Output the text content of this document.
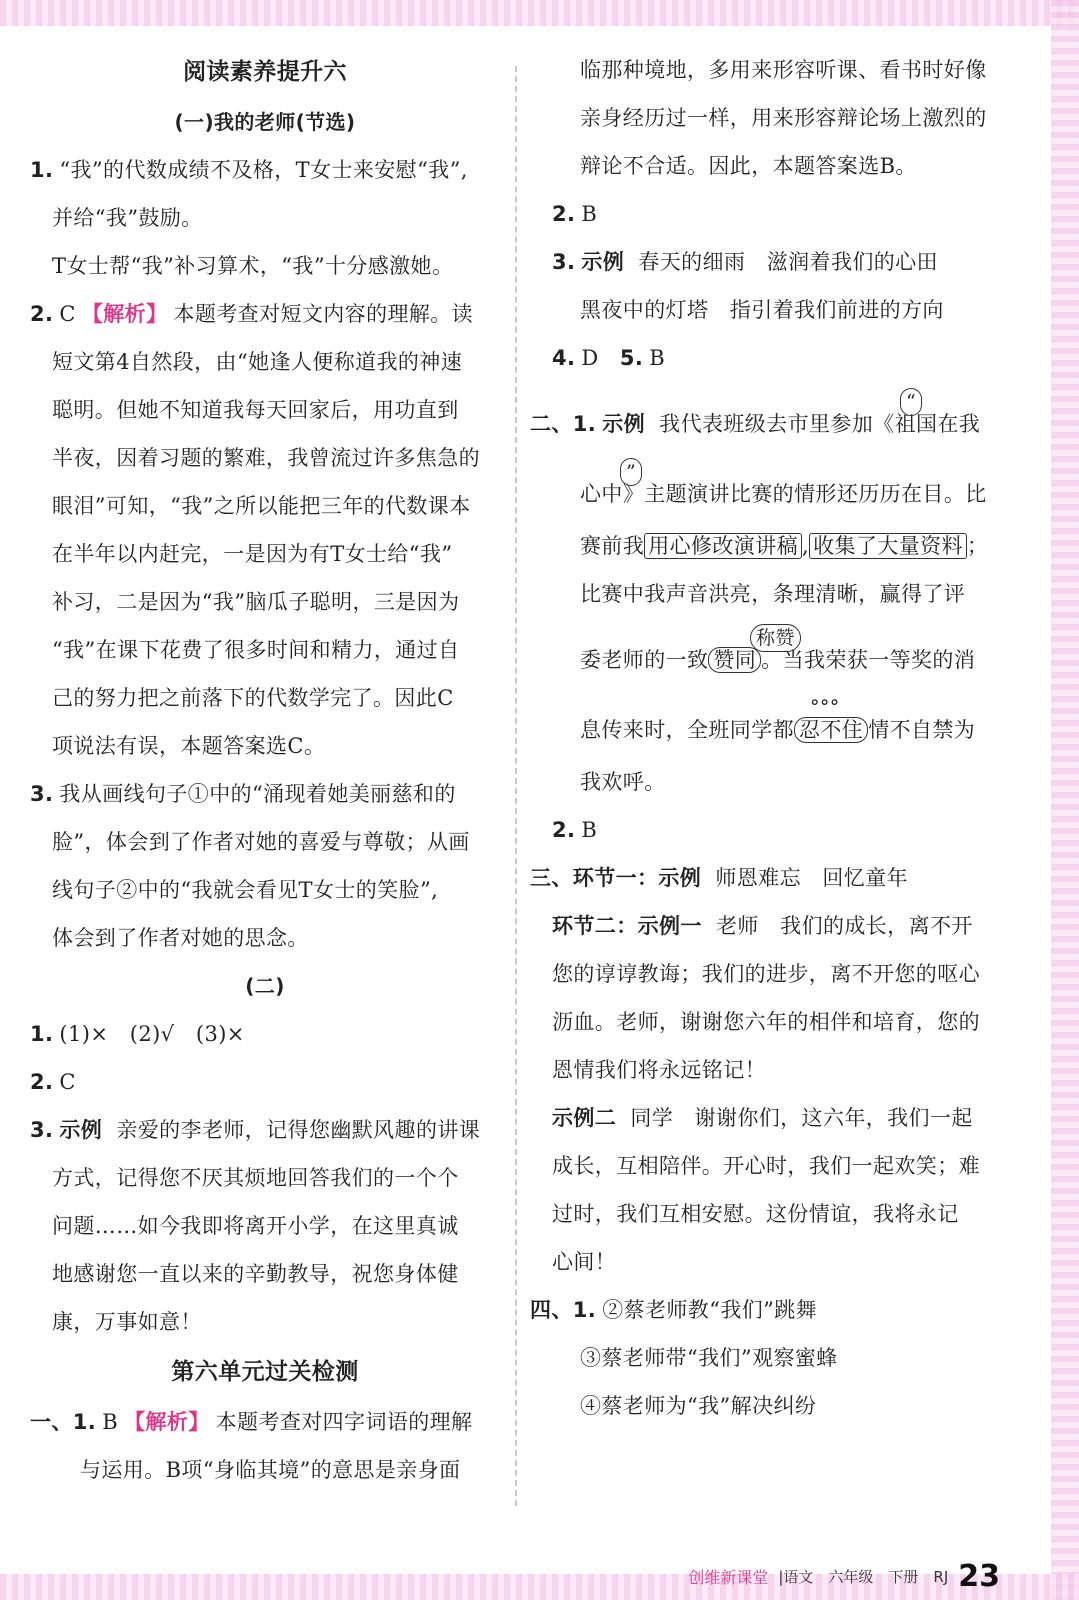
阅读素养提升六
(一)我的老师(节选)
1. “我”的代数成绩不及格，T女士来安慰“我”,
并给“我”鼓励。
T女士帮“我”补习算术，“我”十分感激她。
2. C 【解析】 本题考查对短文内容的理解。读
短文第4自然段，由“她逢人便称道我的神速
聪明。但她不知道我每天回家后，用功直到
半夜，因着习题的繁难，我曾流过许多焦急的
眼泪”可知，“我”之所以能把三年的代数课本
在半年以内赶完，一是因为有T女士给“我”
补习，二是因为“我”脑瓜子聪明，三是因为
“我”在课下花费了很多时间和精力，通过自
己的努力把之前落下的代数学完了。因此C
项说法有误，本题答案选C。
3. 我从画线句子①中的“涌现着她美丽慈和的
脸”，体会到了作者对她的喜爱与尊敬；从画
线句子②中的“我就会看见T女士的笑脸”,
体会到了作者对她的思念。
(二)
1. (1)×　(2)√　(3)×
2. C
3. 示例 亲爱的李老师，记得您幽默风趣的讲课
方式，记得您不厌其烦地回答我们的一个个
问题……如今我即将离开小学，在这里真诚
地感谢您一直以来的辛勤教导，祝您身体健
康，万事如意！
第六单元过关检测
一、1. B 【解析】 本题考查对四字词语的理解
与运用。B项“身临其境”的意思是亲身面
临那种境地，多用来形容听课、看书时好像
亲身经历过一样，用来形容辩论场上激烈的
辩论不合适。因此，本题答案选B。
2. B
3. 示例 春天的细雨　滋润着我们的心田
黑夜中的灯塔　指引着我们前进的方向
4. D 5. B
二、1. 示例 我代表班级去市里参加《祖国在我
“
心中》
”
主题演讲比赛的情形还历历在目。比
赛前我 用心修改演讲稿 , 收集了大量资料 ；
比赛中我声音洪亮，条理清晰，赢得了评
委老师的一致 赞同
称赞
。当我荣获一等奖的消
息传来时，全班同学都 忍不住
°°°
情不自禁为
我欢呼。
2. B
三、环节一：示例 师恩难忘　回忆童年
环节二：示例一 老师　我们的成长，离不开
您的谆谆教诲；我们的进步，离不开您的呕心
沥血。老师，谢谢您六年的相伴和培育，您的
恩情我们将永远铭记！
示例二 同学　谢谢你们，这六年，我们一起
成长，互相陪伴。开心时，我们一起欢笑；难
过时，我们互相安慰。这份情谊，我将永记
心间！
四、1. ②蔡老师教“我们”跳舞
③蔡老师带“我们”观察蜜蜂
④蔡老师为“我”解决纠纷
创维新课堂 |语文　六年级　下册　RJ 23
